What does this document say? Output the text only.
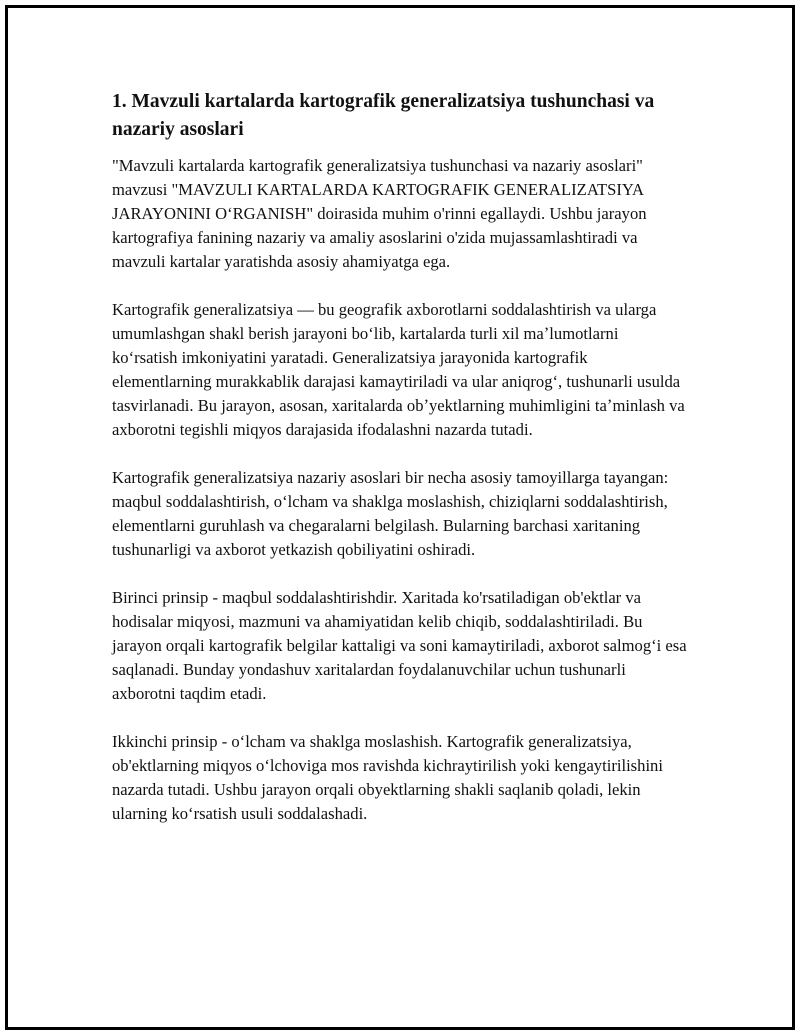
1. Mavzuli kartalarda kartografik generalizatsiya tushunchasi va nazariy asoslari

"Mavzuli kartalarda kartografik generalizatsiya tushunchasi va nazariy asoslari" mavzusi "MAVZULI KARTALARDA KARTOGRAFIK GENERALIZATSIYA JARAYONINI OʻRGANISH" doirasida muhim o'rinni egallaydi. Ushbu jarayon kartografiya fanining nazariy va amaliy asoslarini o'zida mujassamlashtiradi va mavzuli kartalar yaratishda asosiy ahamiyatga ega.

Kartografik generalizatsiya — bu geografik axborotlarni soddalashtirish va ularga umumlashgan shakl berish jarayoni boʻlib, kartalarda turli xil maʼlumotlarni koʻrsatish imkoniyatini yaratadi. Generalizatsiya jarayonida kartografik elementlarning murakkablik darajasi kamaytiriladi va ular aniqrogʻ, tushunarli usulda tasvirlanadi. Bu jarayon, asosan, xaritalarda obʼyektlarning muhimligini taʼminlash va axborotni tegishli miqyos darajasida ifodalashni nazarda tutadi.

Kartografik generalizatsiya nazariy asoslari bir necha asosiy tamoyillarga tayangan: maqbul soddalashtirish, oʻlcham va shaklga moslashish, chiziqlarni soddalashtirish, elementlarni guruhlash va chegaralarni belgilash. Bularning barchasi xaritaning tushunarligi va axborot yetkazish qobiliyatini oshiradi.

Birinci prinsip - maqbul soddalashtirishdir. Xaritada ko'rsatiladigan ob'ektlar va hodisalar miqyosi, mazmuni va ahamiyatidan kelib chiqib, soddalashtiriladi. Bu jarayon orqali kartografik belgilar kattaligi va soni kamaytiriladi, axborot salmogʻi esa saqlanadi. Bunday yondashuv xaritalardan foydalanuvchilar uchun tushunarli axborotni taqdim etadi.

Ikkinchi prinsip - oʻlcham va shaklga moslashish. Kartografik generalizatsiya, ob'ektlarning miqyos oʻlchoviga mos ravishda kichraytirilish yoki kengaytirilishini nazarda tutadi. Ushbu jarayon orqali obyektlarning shakli saqlanib qoladi, lekin ularning koʻrsatish usuli soddalashadi.
